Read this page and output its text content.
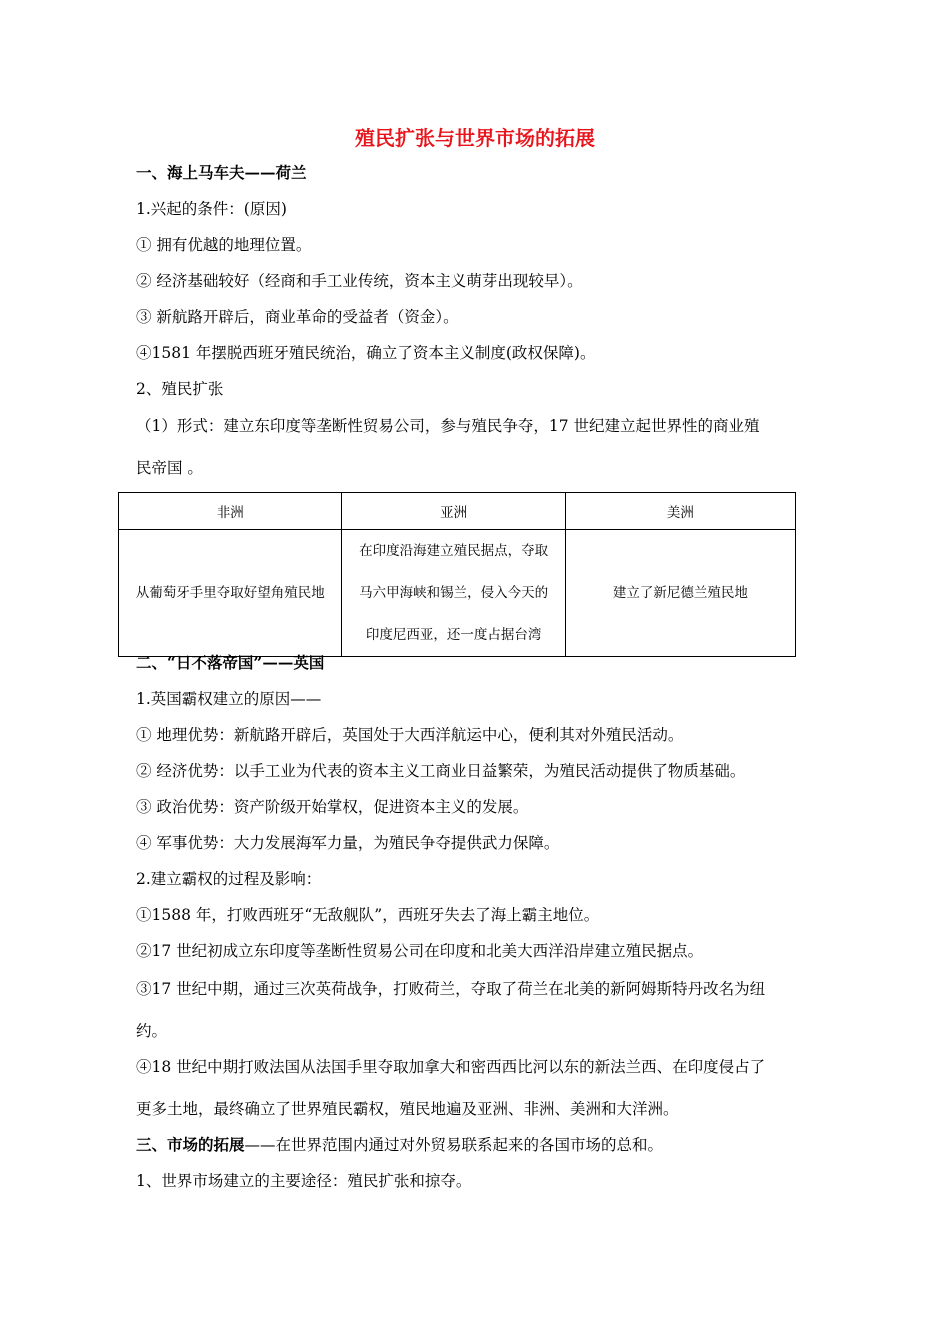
殖民扩张与世界市场的拓展
一、海上马车夫——荷兰
1.兴起的条件：(原因)
① 拥有优越的地理位置。
② 经济基础较好（经商和手工业传统，资本主义萌芽出现较早）。
③ 新航路开辟后，商业革命的受益者（资金）。
④1581 年摆脱西班牙殖民统治，确立了资本主义制度(政权保障)。
2、殖民扩张
（1）形式：建立东印度等垄断性贸易公司，参与殖民争夺，17 世纪建立起世界性的商业殖
民帝国 。
非洲	亚洲	美洲
从葡萄牙手里夺取好望角殖民地	在印度沿海建立殖民据点，夺取
马六甲海峡和锡兰，侵入今天的
印度尼西亚，还一度占据台湾	建立了新尼德兰殖民地
二、“日不落帝国”——英国
1.英国霸权建立的原因——
① 地理优势：新航路开辟后，英国处于大西洋航运中心，便利其对外殖民活动。
② 经济优势：以手工业为代表的资本主义工商业日益繁荣，为殖民活动提供了物质基础。
③ 政治优势：资产阶级开始掌权，促进资本主义的发展。
④ 军事优势：大力发展海军力量，为殖民争夺提供武力保障。
2.建立霸权的过程及影响：
①1588 年，打败西班牙“无敌舰队”，西班牙失去了海上霸主地位。
②17 世纪初成立东印度等垄断性贸易公司在印度和北美大西洋沿岸建立殖民据点。
③17 世纪中期，通过三次英荷战争，打败荷兰，夺取了荷兰在北美的新阿姆斯特丹改名为纽
约。
④18 世纪中期打败法国从法国手里夺取加拿大和密西西比河以东的新法兰西、在印度侵占了
更多土地，最终确立了世界殖民霸权，殖民地遍及亚洲、非洲、美洲和大洋洲。
三、市场的拓展——在世界范围内通过对外贸易联系起来的各国市场的总和。
1、世界市场建立的主要途径：殖民扩张和掠夺。
